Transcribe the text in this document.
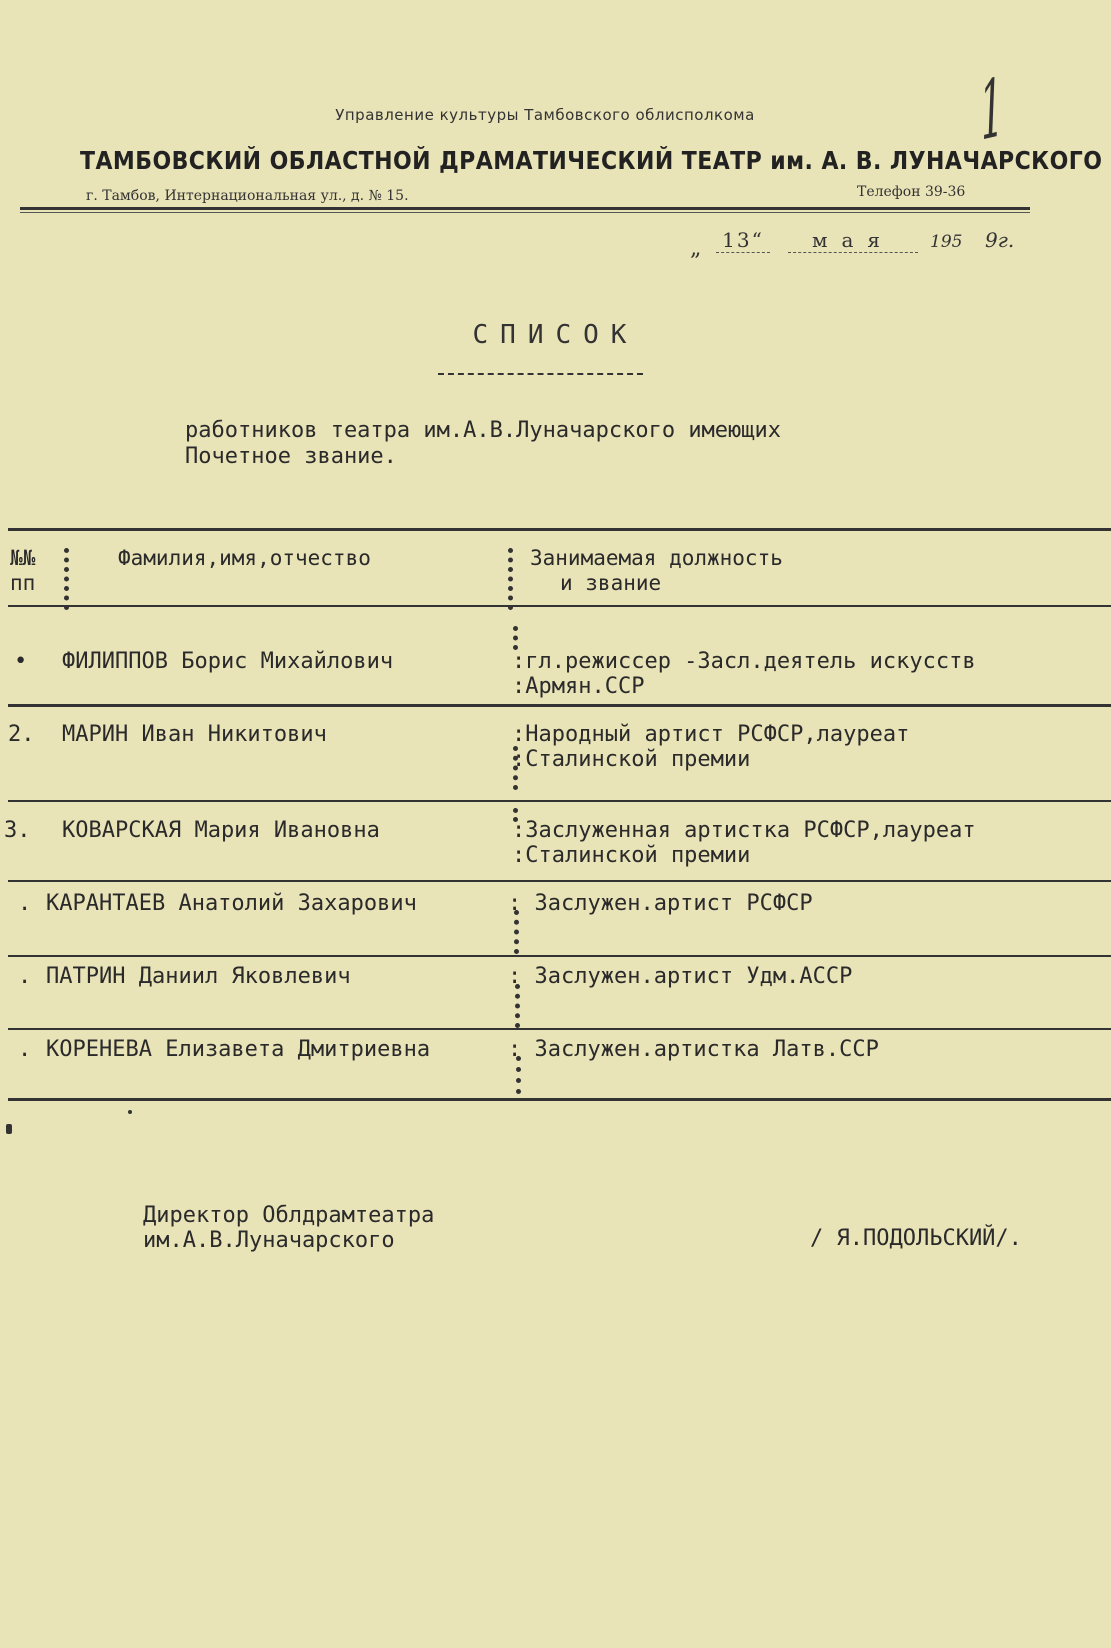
Управление культуры Тамбовского облисполкома
ТАМБОВСКИЙ ОБЛАСТНОЙ ДРАМАТИЧЕСКИЙ ТЕАТР им. А. В. ЛУНАЧАРСКОГО
г. Тамбов, Интернациональная ул., д. № 15.	Телефон 39-36
1
„	13“	мая	195 9г.
СПИСОК
работников театра им.А.В.Луначарского имеющих
Почетное звание.
№№
пп
Фамилия,имя,отчество	Занимаемая должность
и звание
• ФИЛИППОВ Борис Михайлович	:гл.режиссер -Засл.деятель искусств
:Армян.ССР
2. МАРИН Иван Никитович	:Народный артист РСФСР,лауреат
:Сталинской премии
3. КОВАРСКАЯ Мария Ивановна	:Заслуженная артистка РСФСР,лауреат
:Сталинской премии
. КАРАНТАЕВ Анатолий Захарович	: Заслужен.артист РСФСР
. ПАТРИН Даниил Яковлевич	: Заслужен.артист Удм.АССР
. КОРЕНЕВА Елизавета Дмитриевна	: Заслужен.артистка Латв.ССР
Директор Облдрамтеатра
им.А.В.Луначарского	/ Я.ПОДОЛЬСКИЙ/.
